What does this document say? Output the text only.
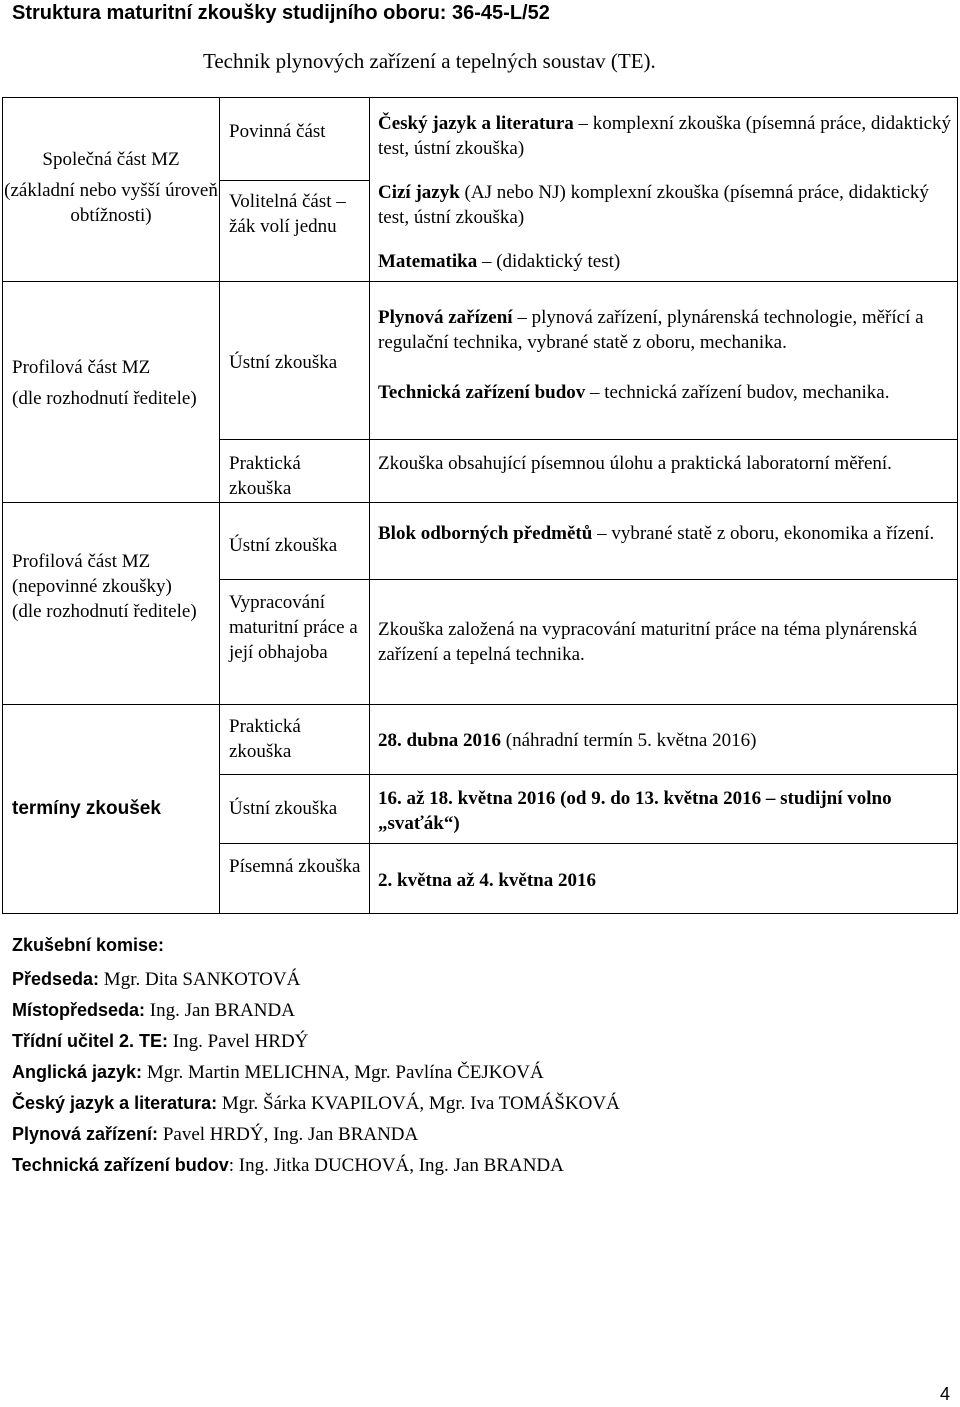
Struktura maturitní zkoušky studijního oboru: 36-45-L/52
Technik plynových zařízení a tepelných soustav (TE).
Společná část MZ
(základní nebo vyšší úroveň obtížnosti)
Povinná část
Volitelná část – žák volí jednu
Český jazyk a literatura – komplexní zkouška (písemná práce, didaktický test, ústní zkouška)
Cizí jazyk (AJ nebo NJ) komplexní zkouška (písemná práce, didaktický test, ústní zkouška)
Matematika – (didaktický test)
Profilová část MZ
(dle rozhodnutí ředitele)
Ústní zkouška
Praktická zkouška
Plynová zařízení – plynová zařízení, plynárenská technologie, měřící a regulační technika, vybrané statě z oboru, mechanika.
Technická zařízení budov – technická zařízení budov, mechanika.
Zkouška obsahující písemnou úlohu a praktická laboratorní měření.
Profilová část MZ (nepovinné zkoušky)
(dle rozhodnutí ředitele)
Ústní zkouška
Vypracování maturitní práce a její obhajoba
Blok odborných předmětů – vybrané statě z oboru, ekonomika a řízení.
Zkouška založená na vypracování maturitní práce na téma plynárenská zařízení a tepelná technika.
termíny zkoušek
Praktická zkouška
Ústní zkouška
Písemná zkouška
28. dubna 2016 (náhradní termín 5. května 2016)
16. až 18. května 2016 (od 9. do 13. května 2016 – studijní volno „svaťák“)
2. května až 4. května 2016
Zkušební komise:
Předseda: Mgr. Dita SANKOTOVÁ
Místopředseda: Ing. Jan BRANDA
Třídní učitel 2. TE: Ing. Pavel HRDÝ
Anglická jazyk: Mgr. Martin MELICHNA, Mgr. Pavlína ČEJKOVÁ
Český jazyk a literatura: Mgr. Šárka KVAPILOVÁ, Mgr. Iva TOMÁŠKOVÁ
Plynová zařízení: Pavel HRDÝ, Ing. Jan BRANDA
Technická zařízení budov: Ing. Jitka DUCHOVÁ, Ing. Jan BRANDA
4
